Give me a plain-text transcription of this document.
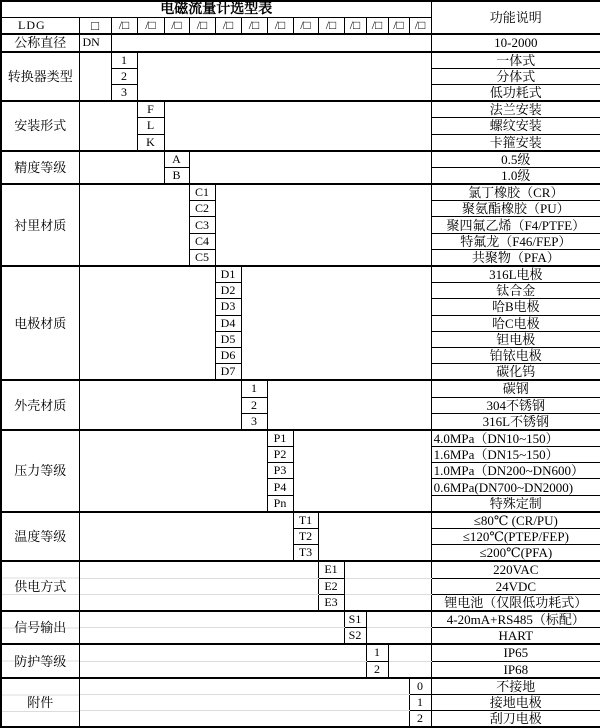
电磁流量计选型表															功能说明
LDG	□	/□	/□	/□	/□	/□	/□	/□	/□	/□	/□	/□	/□	/□	
公称直径	DN														10-2000
转换器类型		1													一体式
		2													分体式
		3													低功耗式
安装形式			F												法兰安装
			L												螺纹安装
			K												卡箍安装
精度等级				A											0.5级
				B											1.0级
衬里材质					C1										氯丁橡胶（CR）
					C2										聚氨酯橡胶（PU）
					C3										聚四氟乙烯（F4/PTFE）
					C4										特氟龙（F46/FEP）
					C5										共聚物（PFA）
电极材质						D1									316L电极
						D2									钛合金
						D3									哈B电极
						D4									哈C电极
						D5									钽电极
						D6									铂铱电极
						D7									碳化钨
外壳材质							1								碳钢
							2								304不锈钢
							3								316L不锈钢
压力等级								P1							4.0MPa（DN10~150）
								P2							1.6MPa（DN15~150）
								P3							1.0MPa（DN200~DN600）
								P4							0.6MPa(DN700~DN2000)
								Pn							特殊定制
温度等级									T1						≤80℃ (CR/PU)
									T2						≤120℃(PTEP/FEP)
									T3						≤200℃(PFA)
供电方式										E1					220VAC
										E2					24VDC
										E3					锂电池（仅限低功耗式）
信号输出											S1				4-20mA+RS485（标配）
											S2				HART
防护等级												1			IP65
												2			IP68
附件														0	不接地
														1	接地电极
														2	刮刀电极
